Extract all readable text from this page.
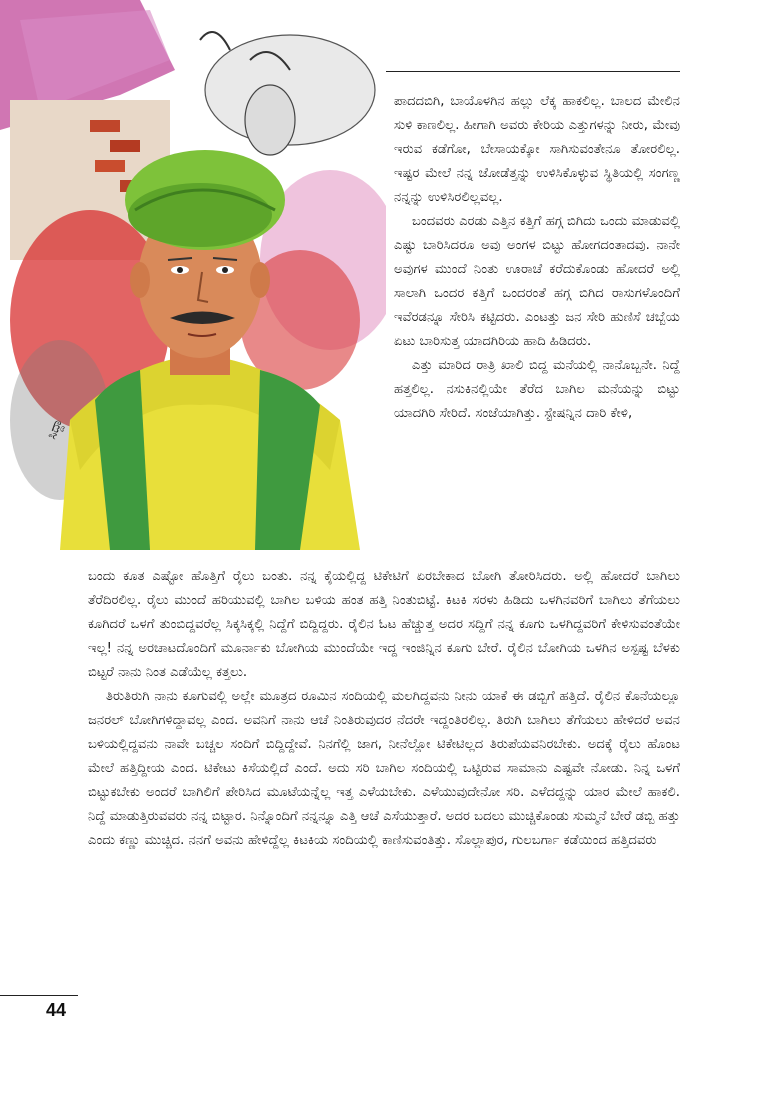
ಸಿದ್ದಾ

ಪಾದದಬಿಗಿ, ಬಾಯೊಳಗಿನ ಹಲ್ಲು ಲೆಕ್ಕ ಹಾಕಲಿಲ್ಲ. ಬಾಲದ ಮೇಲಿನ ಸುಳಿ ಕಾಣಲಿಲ್ಲ. ಹೀಗಾಗಿ ಅವರು ಕೇರಿಯ ಎತ್ತುಗಳನ್ನು ನೀರು, ಮೇವು ಇರುವ ಕಡೆಗೋ, ಬೇಸಾಯಕ್ಕೋ ಸಾಗಿಸುವಂತೇನೂ ತೋರಲಿಲ್ಲ. ಇಷ್ಟರ ಮೇಲೆ ನನ್ನ ಜೋಡೆತ್ತನ್ನು ಉಳಿಸಿಕೊಳ್ಳುವ ಸ್ಥಿತಿಯಲ್ಲಿ ಸಂಗಣ್ಣ ನನ್ನನ್ನು ಉಳಿಸಿರಲಿಲ್ಲವಲ್ಲ.

ಬಂದವರು ಎರಡು ಎತ್ತಿನ ಕತ್ತಿಗೆ ಹಗ್ಗ ಬಿಗಿದು ಒಂದು ಮಾಡುವಲ್ಲಿ ಎಷ್ಟು ಬಾರಿಸಿದರೂ ಅವು ಅಂಗಳ ಬಿಟ್ಟು ಹೋಗದಂತಾದವು. ನಾನೇ ಅವುಗಳ ಮುಂದೆ ನಿಂತು ಊರಾಚೆ ಕರೆದುಕೊಂಡು ಹೋದರೆ ಅಲ್ಲಿ ಸಾಲಾಗಿ ಒಂದರ ಕತ್ತಿಗೆ ಒಂದರಂತೆ ಹಗ್ಗ ಬಿಗಿದ ರಾಸುಗಳೊಂದಿಗೆ ಇವೆರಡನ್ನೂ ಸೇರಿಸಿ ಕಟ್ಟಿದರು. ಎಂಟತ್ತು ಜನ ಸೇರಿ ಹುಣಿಸೆ ಚಬ್ಬೆಯ ಏಟು ಬಾರಿಸುತ್ತ ಯಾದಗಿರಿಯ ಹಾದಿ ಹಿಡಿದರು.

ಎತ್ತು ಮಾರಿದ ರಾತ್ರಿ ಖಾಲಿ ಬಿದ್ದ ಮನೆಯಲ್ಲಿ ನಾನೊಬ್ಬನೇ. ನಿದ್ದೆ ಹತ್ತಲಿಲ್ಲ. ನಸುಕಿನಲ್ಲಿಯೇ ತೆರೆದ ಬಾಗಿಲ ಮನೆಯನ್ನು ಬಿಟ್ಟು ಯಾದಗಿರಿ ಸೇರಿದೆ. ಸಂಜೆಯಾಗಿತ್ತು. ಸ್ಟೇಷನ್ನಿನ ದಾರಿ ಕೇಳಿ,

ಬಂದು ಕೂತ ಎಷ್ಟೋ ಹೊತ್ತಿಗೆ ರೈಲು ಬಂತು. ನನ್ನ ಕೈಯಲ್ಲಿದ್ದ ಟಿಕೇಟಿಗೆ ಏರಬೇಕಾದ ಬೋಗಿ ತೋರಿಸಿದರು. ಅಲ್ಲಿ ಹೋದರೆ ಬಾಗಿಲು ತೆರೆದಿರಲಿಲ್ಲ. ರೈಲು ಮುಂದೆ ಹರಿಯುವಲ್ಲಿ ಬಾಗಿಲ ಬಳಿಯ ಹಂತ ಹತ್ತಿ ನಿಂತುಬಿಟ್ಟೆ. ಕಿಟಕಿ ಸರಳು ಹಿಡಿದು ಒಳಗಿನವರಿಗೆ ಬಾಗಿಲು ತೆಗೆಯಲು ಕೂಗಿದರೆ ಒಳಗೆ ತುಂಬಿದ್ದವರೆಲ್ಲ ಸಿಕ್ಕಸಿಕ್ಕಲ್ಲಿ ನಿದ್ದೆಗೆ ಬಿದ್ದಿದ್ದರು. ರೈಲಿನ ಓಟ ಹೆಚ್ಚುತ್ತ ಅದರ ಸದ್ದಿಗೆ ನನ್ನ ಕೂಗು ಒಳಗಿದ್ದವರಿಗೆ ಕೇಳಿಸುವಂತೆಯೇ ಇಲ್ಲ! ನನ್ನ ಅರಚಾಟದೊಂದಿಗೆ ಮೂರ್ನಾಕು ಬೋಗಿಯ ಮುಂದೆಯೇ ಇದ್ದ ಇಂಜಿನ್ನಿನ ಕೂಗು ಬೇರೆ. ರೈಲಿನ ಬೋಗಿಯ ಒಳಗಿನ ಅಸ್ಪಷ್ಟ ಬೆಳಕು ಬಿಟ್ಟರೆ ನಾನು ನಿಂತ ಎಡೆಯೆಲ್ಲ ಕತ್ತಲು.

ತಿರುತಿರುಗಿ ನಾನು ಕೂಗುವಲ್ಲಿ ಅಲ್ಲೇ ಮೂತ್ರದ ರೂಮಿನ ಸಂದಿಯಲ್ಲಿ ಮಲಗಿದ್ದವನು ನೀನು ಯಾಕೆ ಈ ಡಬ್ಬಿಗೆ ಹತ್ತಿದೆ. ರೈಲಿನ ಕೊನೆಯಲ್ಲೂ ಜನರಲ್ ಬೋಗಿಗಳಿದ್ದಾವಲ್ಲ ಎಂದ. ಅವನಿಗೆ ನಾನು ಆಚೆ ನಿಂತಿರುವುದರ ನೆದರೇ ಇದ್ದಂತಿರಲಿಲ್ಲ. ತಿರುಗಿ ಬಾಗಿಲು ತೆಗೆಯಲು ಹೇಳಿದರೆ ಅವನ ಬಳಿಯಲ್ಲಿದ್ದವನು ನಾವೇ ಬಚ್ಚಲ ಸಂದಿಗೆ ಬಿದ್ದಿದ್ದೇವೆ. ನಿನಗೆಲ್ಲಿ ಜಾಗ, ನೀನೆಲ್ಲೋ ಟಿಕೇಟಿಲ್ಲದ ತಿರುಪೆಯವನಿರಬೇಕು. ಅದಕ್ಕೆ ರೈಲು ಹೊಂಟ ಮೇಲೆ ಹತ್ತಿದ್ದೀಯ ಎಂದ. ಟಿಕೇಟು ಕಿಸೆಯಲ್ಲಿದೆ ಎಂದೆ. ಅದು ಸರಿ ಬಾಗಿಲ ಸಂದಿಯಲ್ಲಿ ಒಟ್ಟಿರುವ ಸಾಮಾನು ಎಷ್ಟವೇ ನೋಡು. ನಿನ್ನ ಒಳಗೆ ಬಿಟ್ಟುಕಬೇಕು ಅಂದರೆ ಬಾಗಿಲಿಗೆ ಪೇರಿಸಿದ ಮೂಟೆಯನ್ನೆಲ್ಲ ಇತ್ತ ಎಳೆಯಬೇಕು. ಎಳೆಯುವುದೇನೋ ಸರಿ. ಎಳೆದದ್ದನ್ನು ಯಾರ ಮೇಲೆ ಹಾಕಲಿ. ನಿದ್ದೆ ಮಾಡುತ್ತಿರುವವರು ನನ್ನ ಬಿಟ್ಟಾರ. ನಿನ್ನೊಂದಿಗೆ ನನ್ನನ್ನೂ ಎತ್ತಿ ಆಚೆ ಎಸೆಯುತ್ತಾರೆ. ಅದರ ಬದಲು ಮುಚ್ಚಿಕೊಂಡು ಸುಮ್ಮನೆ ಬೇರೆ ಡಬ್ಬಿ ಹತ್ತು ಎಂದು ಕಣ್ಣು ಮುಚ್ಚಿದ. ನನಗೆ ಅವನು ಹೇಳಿದ್ದೆಲ್ಲ ಕಿಟಕಿಯ ಸಂದಿಯಲ್ಲಿ ಕಾಣಿಸುವಂತಿತ್ತು. ಸೊಲ್ಲಾಪುರ, ಗುಲಬರ್ಗಾ ಕಡೆಯಿಂದ ಹತ್ತಿದವರು

44
